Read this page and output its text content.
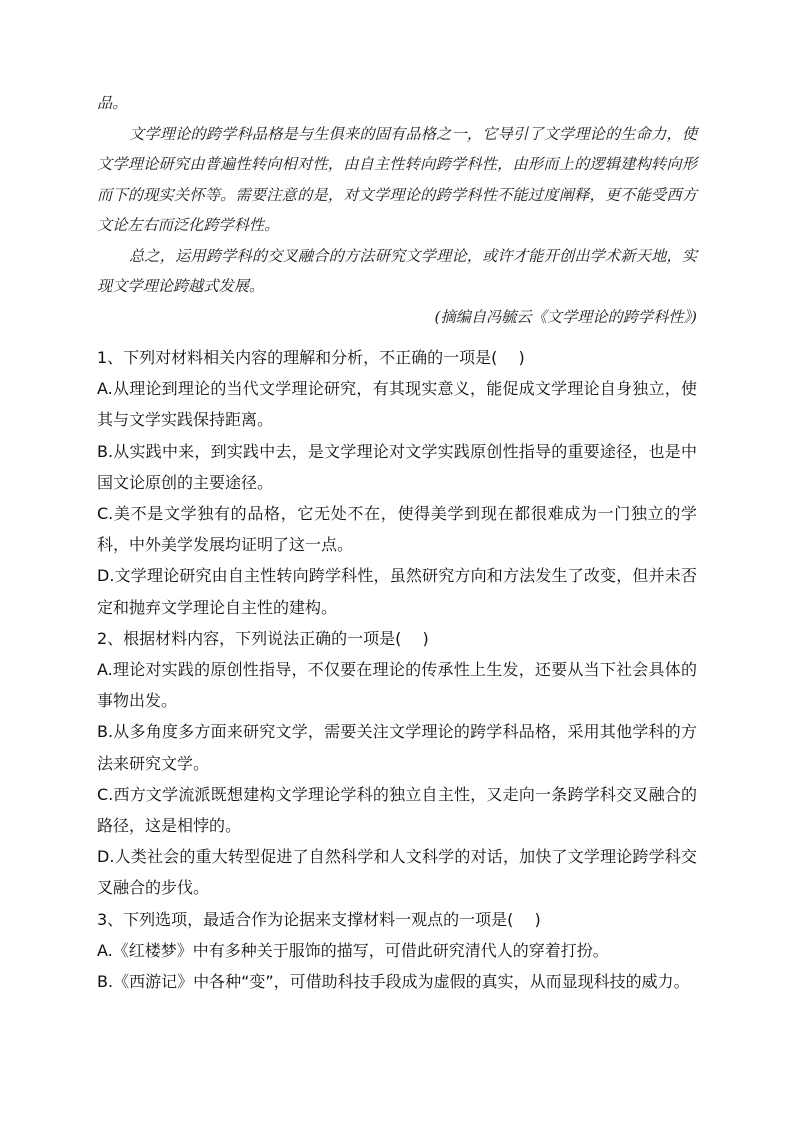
品。

文学理论的跨学科品格是与生俱来的固有品格之一，它导引了文学理论的生命力，使文学理论研究由普遍性转向相对性，由自主性转向跨学科性，由形而上的逻辑建构转向形而下的现实关怀等。需要注意的是，对文学理论的跨学科性不能过度阐释，更不能受西方文论左右而泛化跨学科性。

总之，运用跨学科的交叉融合的方法研究文学理论，或许才能开创出学术新天地，实现文学理论跨越式发展。

(摘编自冯毓云《文学理论的跨学科性》)

1、下列对材料相关内容的理解和分析，不正确的一项是(　 )

A.从理论到理论的当代文学理论研究，有其现实意义，能促成文学理论自身独立，使其与文学实践保持距离。

B.从实践中来，到实践中去，是文学理论对文学实践原创性指导的重要途径，也是中国文论原创的主要途径。

C.美不是文学独有的品格，它无处不在，使得美学到现在都很难成为一门独立的学科，中外美学发展均证明了这一点。

D.文学理论研究由自主性转向跨学科性，虽然研究方向和方法发生了改变，但并未否定和抛弃文学理论自主性的建构。

2、根据材料内容，下列说法正确的一项是(　 )

A.理论对实践的原创性指导，不仅要在理论的传承性上生发，还要从当下社会具体的事物出发。

B.从多角度多方面来研究文学，需要关注文学理论的跨学科品格，采用其他学科的方法来研究文学。

C.西方文学流派既想建构文学理论学科的独立自主性，又走向一条跨学科交叉融合的路径，这是相悖的。

D.人类社会的重大转型促进了自然科学和人文科学的对话，加快了文学理论跨学科交叉融合的步伐。

3、下列选项，最适合作为论据来支撑材料一观点的一项是(　 )

A.《红楼梦》中有多种关于服饰的描写，可借此研究清代人的穿着打扮。

B.《西游记》中各种“变”，可借助科技手段成为虚假的真实，从而显现科技的威力。
